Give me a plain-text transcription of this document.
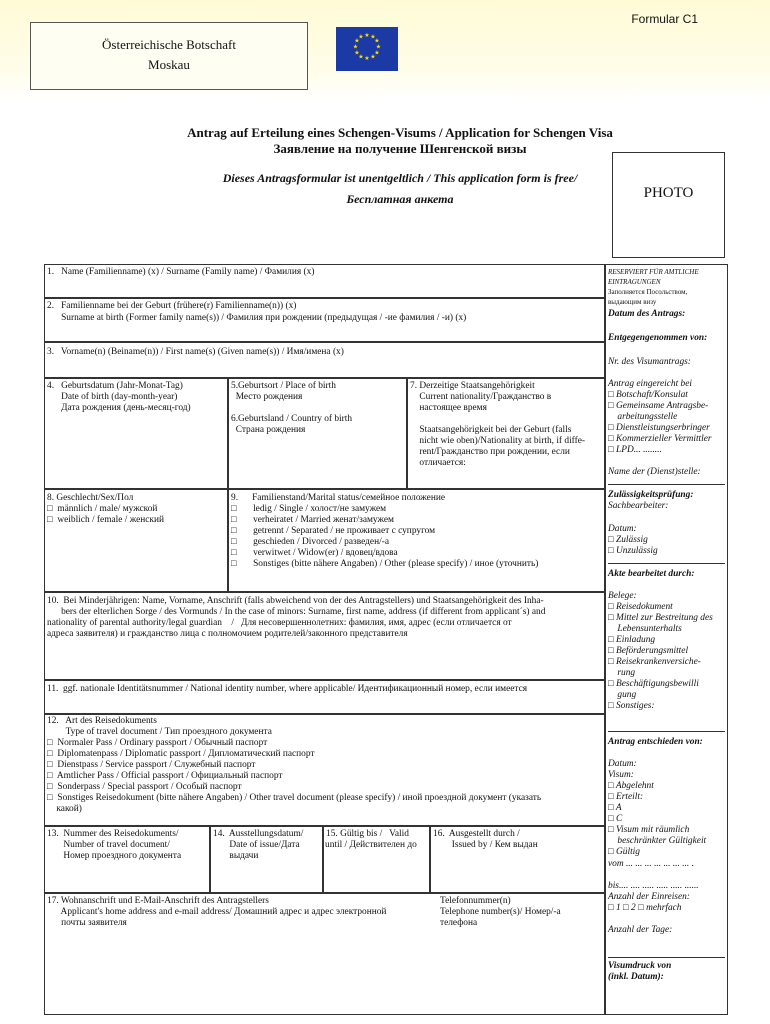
Formular C1
Österreichische Botschaft
Moskau
★ ★
★
★
★
★
★
★
★
★
★
★
Antrag auf Erteilung eines Schengen-Visums / Application for Schengen Visa
Заявление на получение Шенгенской визы
Dieses Antragsformular ist unentgeltlich / This application form is free/
Бесплатная анкета	PHOTO
1.   Name (Familienname) (x) / Surname (Family name) / Фамилия (x)
2.   Familienname bei der Geburt (frühere(r) Familienname(n)) (x)
Surname at birth (Former family name(s)) / Фамилия при рождении (предыдущая / -ие фамилия / -и) (x)
3.   Vorname(n) (Beiname(n)) / First name(s) (Given name(s)) / Имя/имена (x)
4.   Geburtsdatum (Jahr-Monat-Tag)
Date of birth (day-month-year)
Дата рождения (день-месяц-год)
5.Geburtsort / Place of birth
Место рождения
6.Geburtsland / Country of birth
Страна рождения
7. Derzeitige Staatsangehörigkeit
Current nationality/Гражданство в
настоящее время
Staatsangehörigkeit bei der Geburt (falls
nicht wie oben)/Nationality at birth, if diffe-
rent/Гражданство при рождении, если
отличается:
8. Geschlecht/Sex/Пол
□  männlich / male/ мужской
□  weiblich / female / женский
9.      Familienstand/Marital status/семейное положение
□       ledig / Single / холост/не замужем
□       verheiratet / Married женат/замужем
□       getrennt / Separated / не проживает с супругом
□       geschieden / Divorced / разведен/-а
□       verwitwet / Widow(er) / вдовец/вдова
□       Sonstiges (bitte nähere Angaben) / Other (please specify) / иное (уточнить)
10.  Bei Minderjährigen: Name, Vorname, Anschrift (falls abweichend von der des Antragstellers) und Staatsangehörigkeit des Inha-
bers der elterlichen Sorge / des Vormunds / In the case of minors: Surname, first name, address (if different from applicant´s) and
nationality of parental authority/legal guardian    /   Для несовершеннолетних: фамилия, имя, адрес (если отличается от
адреса заявителя) и гражданство лица с полномочием родителей/законного представителя
11.  ggf. nationale Identitätsnummer / National identity number, where applicable/ Идентификационный номер, если имеется
12.   Art des Reisedokuments
Type of travel document / Тип проездного документа
□  Normaler Pass / Ordinary passport / Обычный паспорт
□  Diplomatenpass / Diplomatic passport / Дипломатический паспорт
□  Dienstpass / Service passport / Служебный паспорт
□  Amtlicher Pass / Official passport / Официальный паспорт
□  Sonderpass / Special passport / Особый паспорт
□  Sonstiges Reisedokument (bitte nähere Angaben) / Other travel document (please specify) / иной проездной документ (указать
какой)
13.  Nummer des Reisedokuments/
Number of travel document/
Номер проездного документа
14.  Ausstellungsdatum/
Date of issue/Дата
выдачи
15. Gültig bis /   Valid
until / Действителен до
16.  Ausgestellt durch /
Issued by / Кем выдан
17. Wohnanschrift und E-Mail-Anschrift des Antragstellers
Applicant's home address and e-mail address/ Домашний адрес и адрес электронной
почты заявителя
Telefonnummer(n)
Telephone number(s)/ Номер/-а
телефона
RESERVIERT FÜR AMTLICHE
EINTRAGUNGEN
Заполняется Посольством,
выдающим визу
Datum des Antrags:
Entgegengenommen von:
Nr. des Visumantrags:
Antrag eingereicht bei
□ Botschaft/Konsulat
□ Gemeinsame Antragsbe-
arbeitungsstelle
□ Dienstleistungserbringer
□ Kommerzieller Vermittler
□ LPD... ........
Name der (Dienst)stelle:
Zulässigkeitsprüfung:
Sachbearbeiter:
Datum:
□ Zulässig
□ Unzulässig
Akte bearbeitet durch:
Belege:
□ Reisedokument
□ Mittel zur Bestreitung des
Lebensunterhalts
□ Einladung
□ Beförderungsmittel
□ Reisekrankenversiche-
rung
□ Beschäftigungsbewilli
gung
□ Sonstiges:
Antrag entschieden von:
Datum:
Visum:
□ Abgelehnt
□ Erteilt:
□ A
□ C
□ Visum mit räumlich
beschränkter Gültigkeit
□ Gültig
vom ... ... ... ... ... ... ... .
bis.... .... ..... ..... ..... ......
Anzahl der Einreisen:
□ 1 □ 2 □ mehrfach
Anzahl der Tage:
Visumdruck von
(inkl. Datum):
